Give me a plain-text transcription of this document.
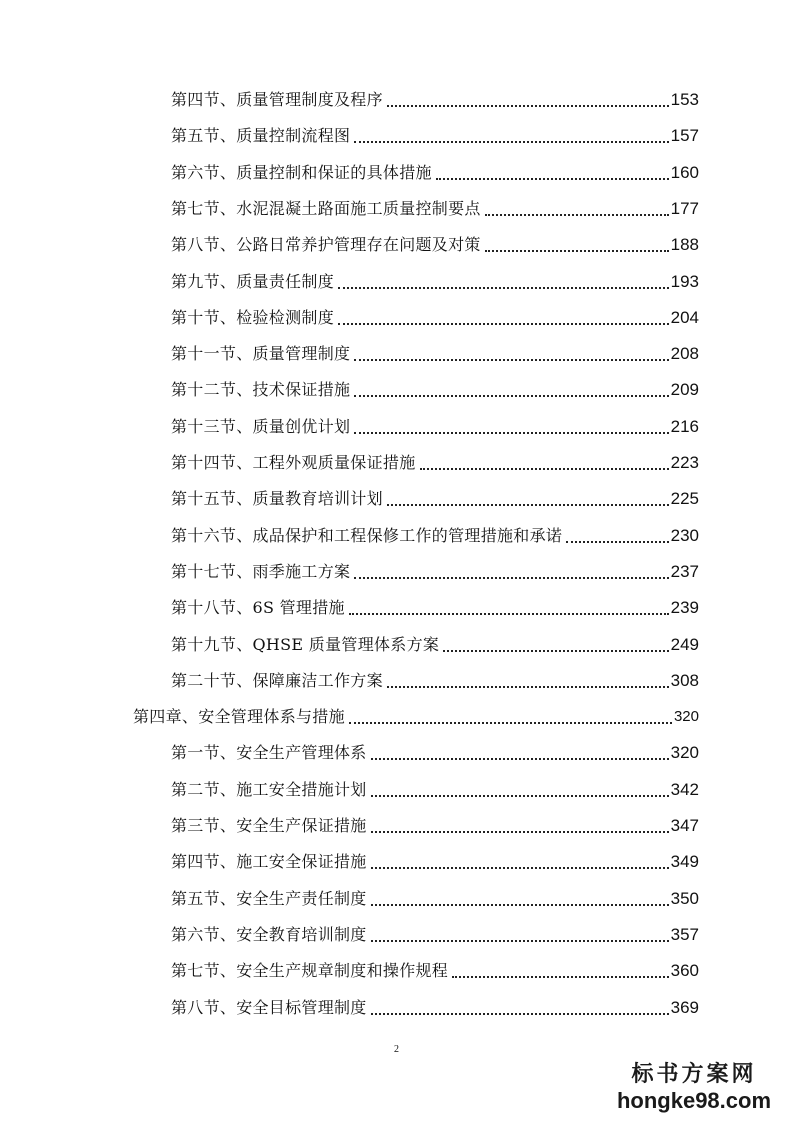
第四节、质量管理制度及程序	153
第五节、质量控制流程图	157
第六节、质量控制和保证的具体措施	160
第七节、水泥混凝土路面施工质量控制要点	177
第八节、公路日常养护管理存在问题及对策	188
第九节、质量责任制度	193
第十节、检验检测制度	204
第十一节、质量管理制度	208
第十二节、技术保证措施	209
第十三节、质量创优计划	216
第十四节、工程外观质量保证措施	223
第十五节、质量教育培训计划	225
第十六节、成品保护和工程保修工作的管理措施和承诺	230
第十七节、雨季施工方案	237
第十八节、6S 管理措施	239
第十九节、QHSE 质量管理体系方案	249
第二十节、保障廉洁工作方案	308
第四章、安全管理体系与措施	320
第一节、安全生产管理体系	320
第二节、施工安全措施计划	342
第三节、安全生产保证措施	347
第四节、施工安全保证措施	349
第五节、安全生产责任制度	350
第六节、安全教育培训制度	357
第七节、安全生产规章制度和操作规程	360
第八节、安全目标管理制度	369
2
标书方案网
hongke98.com
